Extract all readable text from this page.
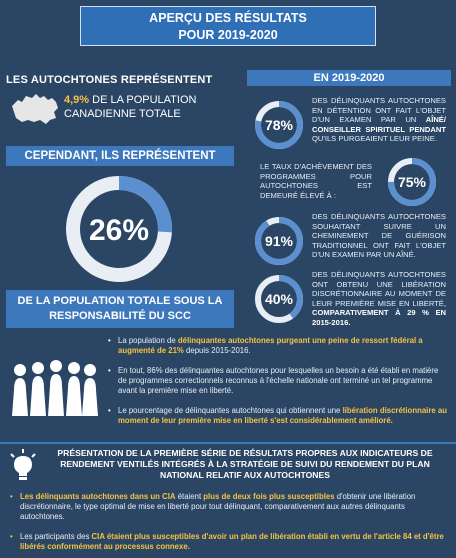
APERÇU DES RÉSULTATS
POUR 2019-2020
LES AUTOCHTONES REPRÉSENTENT
4,9% DE LA POPULATION
CANADIENNE TOTALE
CEPENDANT, ILS REPRÉSENTENT
26%
DE LA POPULATION TOTALE SOUS LA RESPONSABILITÉ DU SCC
EN 2019-2020
78%
DES DÉLINQUANTS AUTOCHTONES EN DÉTENTION ONT FAIT L'OBJET D'UN EXAMEN PAR UN AÎNÉ/ CONSEILLER SPIRITUEL PENDANT QU'ILS PURGEAIENT LEUR PEINE.
LE TAUX D'ACHÈVEMENT DES PROGRAMMES POUR AUTOCHTONES EST DEMEURÉ ÉLEVÉ À :
75%
91%
DES DÉLINQUANTS AUTOCHTONES SOUHAITANT SUIVRE UN CHEMINEMENT DE GUÉRISON TRADITIONNEL ONT FAIT L'OBJET D'UN EXAMEN PAR UN AÎNÉ.
40%
DES DÉLINQUANTS AUTOCHTONES ONT OBTENU UNE LIBÉRATION DISCRÉTIONNAIRE AU MOMENT DE LEUR PREMIÈRE MISE EN LIBERTÉ, COMPARATIVEMENT À 29 % EN 2015-2016.
• La population de délinquantes autochtones purgeant une peine de ressort fédéral a augmenté de 21% depuis 2015-2016.
• En tout, 86% des délinquantes autochtones pour lesquelles un besoin a été établi en matière de programmes correctionnels reconnus à l'échelle nationale ont terminé un tel programme avant la première mise en liberté.
• Le pourcentage de délinquantes autochtones qui obtiennent une libération discrétionnaire au moment de leur première mise en liberté s'est considérablement amélioré.
PRÉSENTATION DE LA PREMIÈRE SÉRIE DE RÉSULTATS PROPRES AUX INDICATEURS DE RENDEMENT VENTILÉS INTÉGRÉS À LA STRATÉGIE DE SUIVI DU RENDEMENT DU PLAN NATIONAL RELATIF AUX AUTOCHTONES
• Les délinquants autochtones dans un CIA étaient plus de deux fois plus susceptibles d'obtenir une libération discrétionnaire, le type optimal de mise en liberté pour tout délinquant, comparativement aux autres délinquants autochtones.
• Les participants des CIA étaient plus susceptibles d'avoir un plan de libération établi en vertu de l'article 84 et d'être libérés conformément au processus connexe.
